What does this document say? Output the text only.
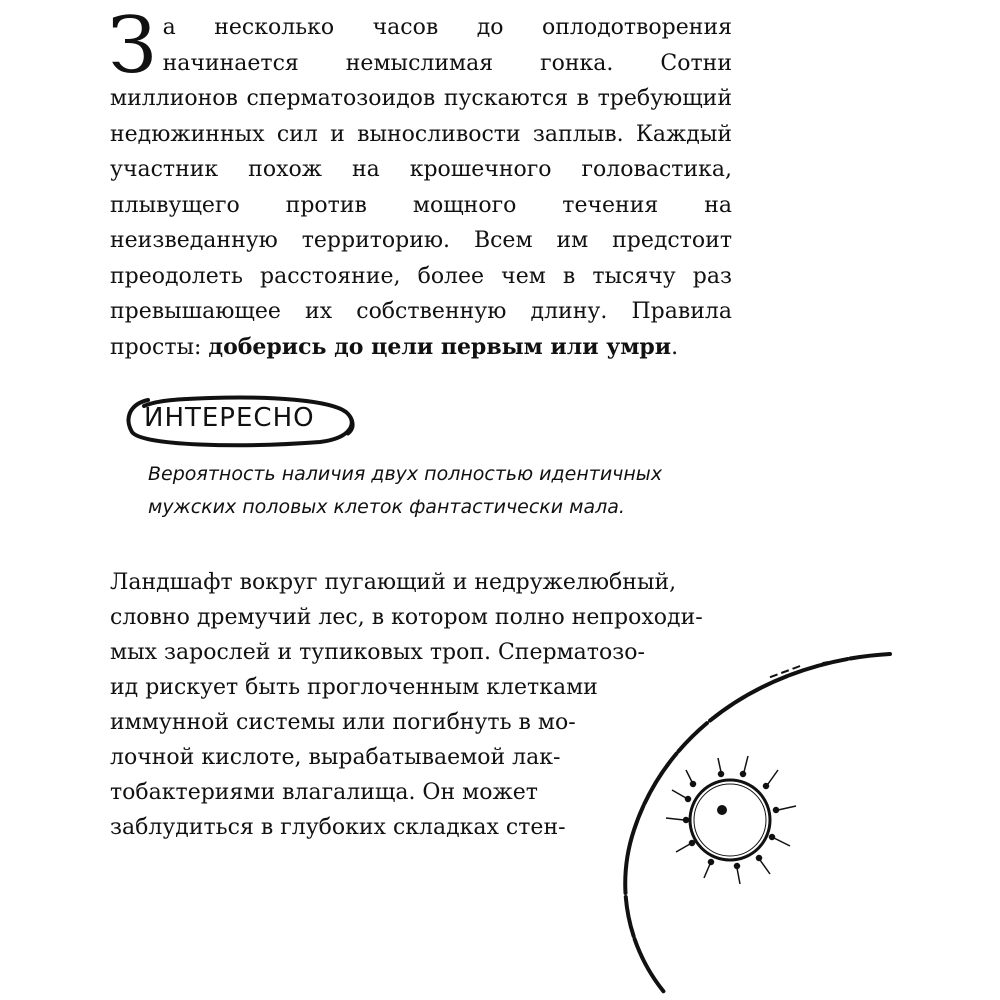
За несколько часов до оплодотворения начинается немыслимая гонка. Сотни миллионов сперматозоидов пускаются в требующий недюжинных сил и выносливости заплыв. Каждый участник похож на крошечного головастика, плывущего против мощного течения на неизведанную территорию. Всем им предстоит преодолеть расстояние, более чем в тысячу раз превышающее их собственную длину. Правила просты: доберись до цели первым или умри.
ИНТЕРЕСНО
Вероятность наличия двух полностью идентичных мужских половых клеток фантастически мала.
Ландшафт вокруг пугающий и недружелюбный,
словно дремучий лес, в котором полно непроходи-
мых зарослей и тупиковых троп. Сперматозо-
ид рискует быть проглоченным клетками
иммунной системы или погибнуть в мо-
лочной кислоте, вырабатываемой лак-
тобактериями влагалища. Он может
заблудиться в глубоких складках стен-
